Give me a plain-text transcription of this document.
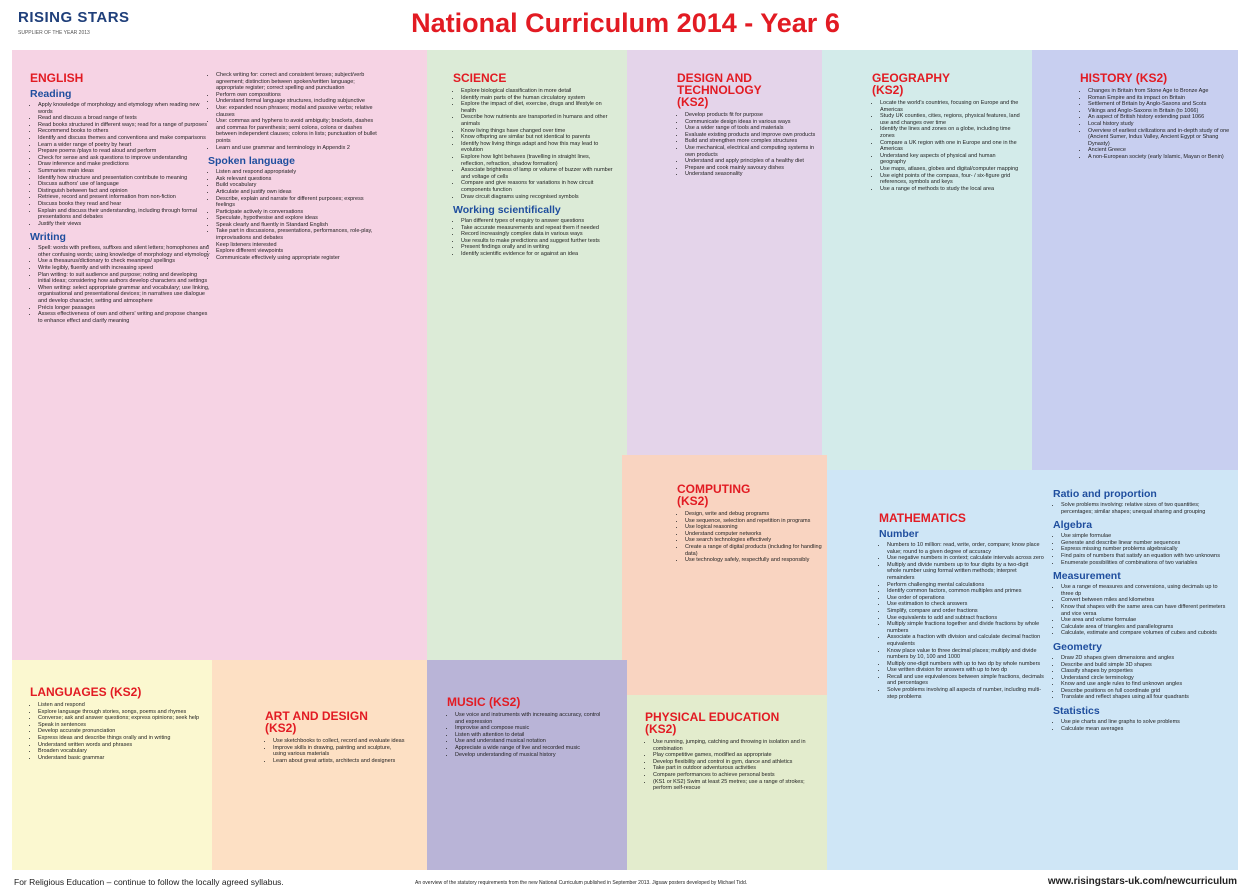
RISING STARS
SUPPLIER OF THE YEAR 2013	National Curriculum 2014 - Year 6
ENGLISH
Reading
• Apply knowledge of morphology and etymology when reading new words
• Read and discuss a broad range of texts
• Read books structured in different ways; read for a range of purposes
• Recommend books to others
• Identify and discuss themes and conventions and make comparisons
• Learn a wider range of poetry by heart
• Prepare poems /plays to read aloud and perform
• Check for sense and ask questions to improve understanding
• Draw inference and make predictions
• Summaries main ideas
• Identify how structure and presentation contribute to meaning
• Discuss authors' use of language
• Distinguish between fact and opinion
• Retrieve, record and present information from non-fiction
• Discuss books they read and hear
• Explain and discuss their understanding, including through formal presentations and debates
• Justify their views
Writing
• Spell: words with prefixes, suffixes and silent letters; homophones and other confusing words; using knowledge of morphology and etymology
• Use a thesaurus/dictionary to check meanings/ spellings
• Write legibly, fluently and with increasing speed
• Plan writing: to suit audience and purpose; noting and developing initial ideas; considering how authors develop characters and settings
• When writing: select appropriate grammar and vocabulary; use linking, organisational and presentational devices; in narratives use dialogue and develop character, setting and atmosphere
• Précis longer passages
• Assess effectiveness of own and others' writing and propose changes to enhance effect and clarify meaning
• Check writing for: correct and consistent tenses; subject/verb agreement; distinction between spoken/written language; appropriate register; correct spelling and punctuation
• Perform own compositions
• Understand formal language structures, including subjunctive
• Use: expanded noun phrases; modal and passive verbs; relative clauses
• Use: commas and hyphens to avoid ambiguity; brackets, dashes and commas for parenthesis; semi colons, colons or dashes between independent clauses; colons in lists; punctuation of bullet points
• Learn and use grammar and terminology in Appendix 2
Spoken language
• Listen and respond appropriately
• Ask relevant questions
• Build vocabulary
• Articulate and justify own ideas
• Describe, explain and narrate for different purposes; express feelings
• Participate actively in conversations
• Speculate, hypothesise and explore ideas
• Speak clearly and fluently in Standard English
• Take part in discussions, presentations, performances, role-play, improvisations and debates
• Keep listeners interested
• Explore different viewpoints
• Communicate effectively using appropriate register
SCIENCE
• Explore biological classification in more detail
• Identify main parts of the human circulatory system
• Explore the impact of diet, exercise, drugs and lifestyle on health
• Describe how nutrients are transported in humans and other animals
• Know living things have changed over time
• Know offspring are similar but not identical to parents
• Identify how living things adapt and how this may lead to evolution
• Explore how light behaves (travelling in straight lines, reflection, refraction, shadow formation)
• Associate brightness of lamp or volume of buzzer with number and voltage of cells
• Compare and give reasons for variations in how circuit components function
• Draw circuit diagrams using recognised symbols
Working scientifically
• Plan different types of enquiry to answer questions
• Take accurate measurements and repeat them if needed
• Record increasingly complex data in various ways
• Use results to make predictions and suggest further tests
• Present findings orally and in writing
• Identify scientific evidence for or against an idea
DESIGN AND TECHNOLOGY
(KS2)
• Develop products fit for purpose
• Communicate design ideas in various ways
• Use a wider range of tools and materials
• Evaluate existing products and improve own products
• Build and strengthen more complex structures
• Use mechanical, electrical and computing systems in own products
• Understand and apply principles of a healthy diet
• Prepare and cook mainly savoury dishes
• Understand seasonality
GEOGRAPHY
(KS2)
• Locate the world's countries, focusing on Europe and the Americas
• Study UK counties, cities, regions, physical features, land use and changes over time
• Identify the lines and zones on a globe, including time zones
• Compare a UK region with one in Europe and one in the Americas
• Understand key aspects of physical and human geography
• Use maps, atlases, globes and digital/computer mapping
• Use eight points of the compass, four- / six-figure grid references, symbols and keys
• Use a range of methods to study the local area
HISTORY (KS2)
• Changes in Britain from Stone Age to Bronze Age
• Roman Empire and its impact on Britain
• Settlement of Britain by Anglo-Saxons and Scots
• Vikings and Anglo-Saxons in Britain (to 1066)
• An aspect of British history extending past 1066
• Local history study
• Overview of earliest civilizations and in-depth study of one (Ancient Sumer, Indus Valley, Ancient Egypt or Shang Dynasty)
• Ancient Greece
• A non-European society (early Islamic, Mayan or Benin)
COMPUTING
(KS2)
• Design, write and debug programs
• Use sequence, selection and repetition in programs
• Use logical reasoning
• Understand computer networks
• Use search technologies effectively
• Create a range of digital products (including for handling data)
• Use technology safely, respectfully and responsibly
MATHEMATICS
Number
• Numbers to 10 million: read, write, order, compare; know place value; round to a given degree of accuracy
• Use negative numbers in context; calculate intervals across zero
• Multiply and divide numbers up to four digits by a two-digit whole number using formal written methods; interpret remainders
• Perform challenging mental calculations
• Identify common factors, common multiples and primes
• Use order of operations
• Use estimation to check answers
• Simplify, compare and order fractions
• Use equivalents to add and subtract fractions
• Multiply simple fractions together and divide fractions by whole numbers
• Associate a fraction with division and calculate decimal fraction equivalents
• Know place value to three decimal places; multiply and divide numbers by 10, 100 and 1000
• Multiply one-digit numbers with up to two dp by whole numbers
• Use written division for answers with up to two dp
• Recall and use equivalences between simple fractions, decimals and percentages
• Solve problems involving all aspects of number, including multi-step problems
Ratio and proportion
• Solve problems involving: relative sizes of two quantities; percentages; similar shapes; unequal sharing and grouping
Algebra
• Use simple formulae
• Generate and describe linear number sequences
• Express missing number problems algebraically
• Find pairs of numbers that satisfy an equation with two unknowns
• Enumerate possibilities of combinations of two variables
Measurement
• Use a range of measures and conversions, using decimals up to three dp
• Convert between miles and kilometres
• Know that shapes with the same area can have different perimeters and vice versa
• Use area and volume formulae
• Calculate area of triangles and parallelograms
• Calculate, estimate and compare volumes of cubes and cuboids
Geometry
• Draw 2D shapes given dimensions and angles
• Describe and build simple 3D shapes
• Classify shapes by properties
• Understand circle terminology
• Know and use angle rules to find unknown angles
• Describe positions on full coordinate grid
• Translate and reflect shapes using all four quadrants
Statistics
• Use pie charts and line graphs to solve problems
• Calculate mean averages
LANGUAGES (KS2)
• Listen and respond
• Explore language through stories, songs, poems and rhymes
• Converse; ask and answer questions; express opinions; seek help
• Speak in sentences
• Develop accurate pronunciation
• Express ideas and describe things orally and in writing
• Understand written words and phrases
• Broaden vocabulary
• Understand basic grammar
ART AND DESIGN
(KS2)
• Use sketchbooks to collect, record and evaluate ideas
• Improve skills in drawing, painting and sculpture, using various materials
• Learn about great artists, architects and designers
MUSIC (KS2)
• Use voice and instruments with increasing accuracy, control and expression
• Improvise and compose music
• Listen with attention to detail
• Use and understand musical notation
• Appreciate a wide range of live and recorded music
• Develop understanding of musical history
PHYSICAL EDUCATION
(KS2)
• Use running, jumping, catching and throwing in isolation and in combination
• Play competitive games, modified as appropriate
• Develop flexibility and control in gym, dance and athletics
• Take part in outdoor adventurous activities
• Compare performances to achieve personal bests
• (KS1 or KS2) Swim at least 25 metres; use a range of strokes; perform self-rescue
For Religious Education – continue to follow the locally agreed syllabus.	An overview of the statutory requirements from the new National Curriculum published in September 2013. Jigsaw posters developed by Michael Tidd.	www.risingstars-uk.com/newcurriculum
